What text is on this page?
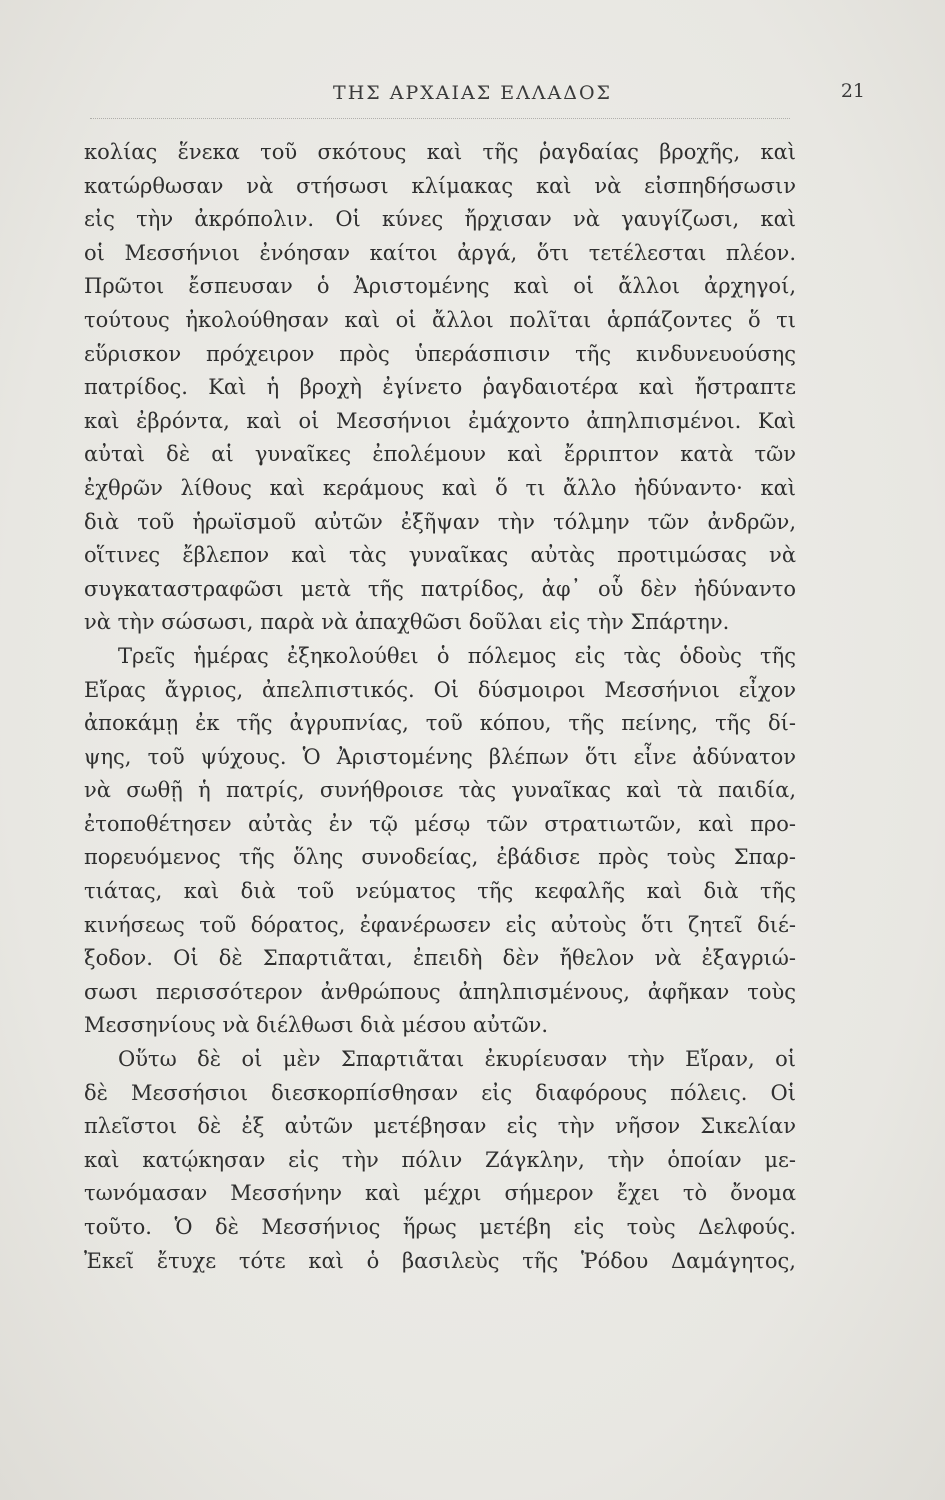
ΤΗΣ ΑΡΧΑΙΑΣ ΕΛΛΑΔΟΣ	21
κολίας ἕνεκα τοῦ σκότους καὶ τῆς ῥαγδαίας βροχῆς, καὶ
κατώρθωσαν νὰ στήσωσι κλίμακας καὶ νὰ εἰσπηδήσωσιν
εἰς τὴν ἀκρόπολιν. Οἱ κύνες ἤρχισαν νὰ γαυγίζωσι, καὶ
οἱ Μεσσήνιοι ἐνόησαν καίτοι ἀργά, ὅτι τετέλεσται πλέον.
Πρῶτοι ἔσπευσαν ὁ Ἀριστομένης καὶ οἱ ἄλλοι ἀρχηγοί,
τούτους ἠκολούθησαν καὶ οἱ ἄλλοι πολῖται ἁρπάζοντες ὅ τι
εὕρισκον πρόχειρον πρὸς ὑπεράσπισιν τῆς κινδυνευούσης
πατρίδος. Καὶ ἡ βροχὴ ἐγίνετο ῥαγδαιοτέρα καὶ ἤστραπτε
καὶ ἐβρόντα, καὶ οἱ Μεσσήνιοι ἐμάχοντο ἀπηλπισμένοι. Καὶ
αὐταὶ δὲ αἱ γυναῖκες ἐπολέμουν καὶ ἔρριπτον κατὰ τῶν
ἐχθρῶν λίθους καὶ κεράμους καὶ ὅ τι ἄλλο ἠδύναντο· καὶ
διὰ τοῦ ἡρωϊσμοῦ αὐτῶν ἐξῆψαν τὴν τόλμην τῶν ἀνδρῶν,
οἵτινες ἔβλεπον καὶ τὰς γυναῖκας αὐτὰς προτιμώσας νὰ
συγκαταστραφῶσι μετὰ τῆς πατρίδος, ἀφ᾽ οὗ δὲν ἠδύναντο
νὰ τὴν σώσωσι, παρὰ νὰ ἀπαχθῶσι δοῦλαι εἰς τὴν Σπάρτην.
Τρεῖς ἡμέρας ἐξηκολούθει ὁ πόλεμος εἰς τὰς ὁδοὺς τῆς
Εἴρας ἄγριος, ἀπελπιστικός. Οἱ δύσμοιροι Μεσσήνιοι εἶχον
ἀποκάμῃ ἐκ τῆς ἀγρυπνίας, τοῦ κόπου, τῆς πείνης, τῆς δί-
ψης, τοῦ ψύχους. Ὁ Ἀριστομένης βλέπων ὅτι εἶνε ἀδύνατον
νὰ σωθῇ ἡ πατρίς, συνήθροισε τὰς γυναῖκας καὶ τὰ παιδία,
ἐτοποθέτησεν αὐτὰς ἐν τῷ μέσῳ τῶν στρατιωτῶν, καὶ προ-
πορευόμενος τῆς ὅλης συνοδείας, ἐβάδισε πρὸς τοὺς Σπαρ-
τιάτας, καὶ διὰ τοῦ νεύματος τῆς κεφαλῆς καὶ διὰ τῆς
κινήσεως τοῦ δόρατος, ἐφανέρωσεν εἰς αὐτοὺς ὅτι ζητεῖ διέ-
ξοδον. Οἱ δὲ Σπαρτιᾶται, ἐπειδὴ δὲν ἤθελον νὰ ἐξαγριώ-
σωσι περισσότερον ἀνθρώπους ἀπηλπισμένους, ἀφῆκαν τοὺς
Μεσσηνίους νὰ διέλθωσι διὰ μέσου αὐτῶν.
Οὕτω δὲ οἱ μὲν Σπαρτιᾶται ἐκυρίευσαν τὴν Εἴραν, οἱ
δὲ Μεσσήσιοι διεσκορπίσθησαν εἰς διαφόρους πόλεις. Οἱ
πλεῖστοι δὲ ἐξ αὐτῶν μετέβησαν εἰς τὴν νῆσον Σικελίαν
καὶ κατῴκησαν εἰς τὴν πόλιν Ζάγκλην, τὴν ὁποίαν με-
τωνόμασαν Μεσσήνην καὶ μέχρι σήμερον ἔχει τὸ ὄνομα
τοῦτο. Ὁ δὲ Μεσσήνιος ἥρως μετέβη εἰς τοὺς Δελφούς.
Ἐκεῖ ἔτυχε τότε καὶ ὁ βασιλεὺς τῆς Ῥόδου Δαμάγητος,
